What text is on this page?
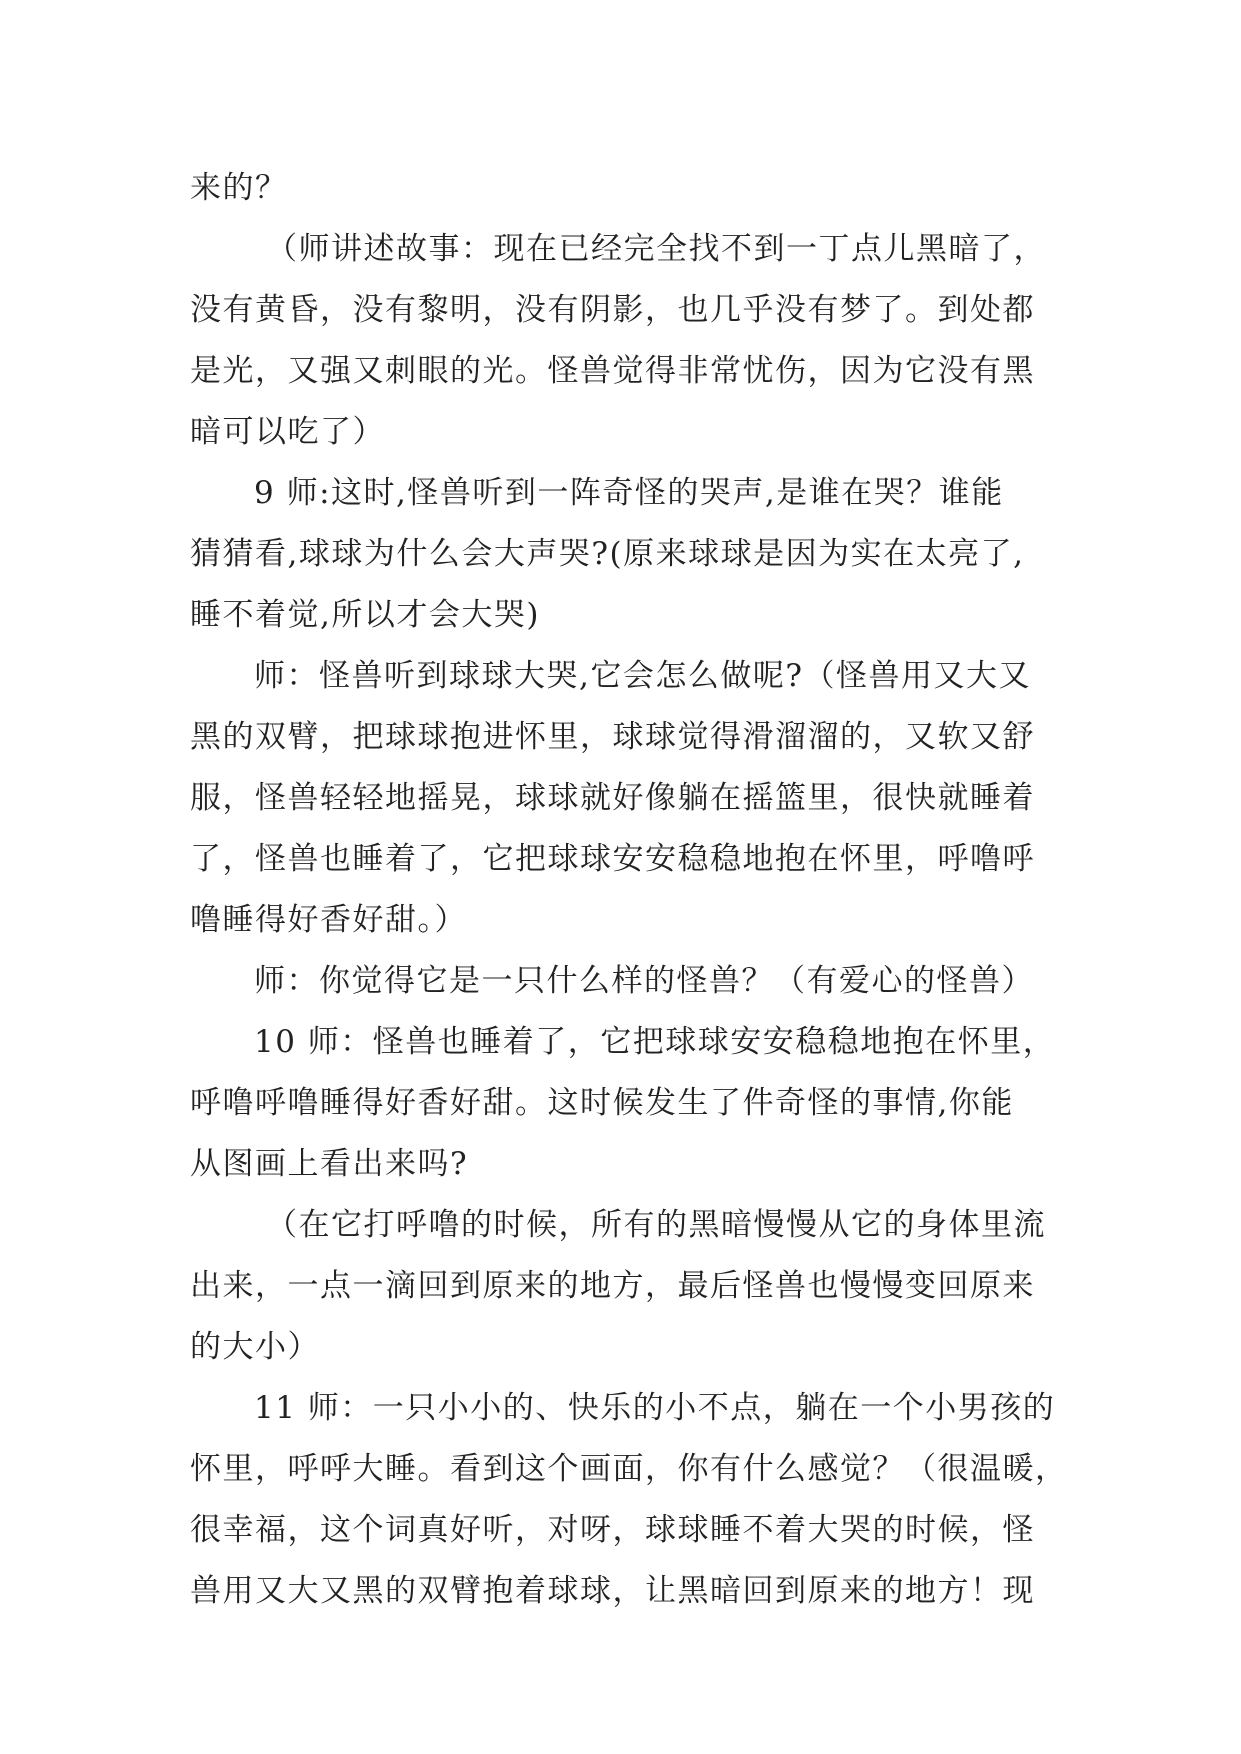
来的？
（师讲述故事：现在已经完全找不到一丁点儿黑暗了，
没有黄昏，没有黎明，没有阴影，也几乎没有梦了。到处都
是光，又强又刺眼的光。怪兽觉得非常忧伤，因为它没有黑
暗可以吃了）
9 师:这时,怪兽听到一阵奇怪的哭声,是谁在哭？谁能
猜猜看,球球为什么会大声哭?(原来球球是因为实在太亮了,
睡不着觉,所以才会大哭)
师：怪兽听到球球大哭,它会怎么做呢?（怪兽用又大又
黑的双臂，把球球抱进怀里，球球觉得滑溜溜的，又软又舒
服，怪兽轻轻地摇晃，球球就好像躺在摇篮里，很快就睡着
了，怪兽也睡着了，它把球球安安稳稳地抱在怀里，呼噜呼
噜睡得好香好甜。）
师：你觉得它是一只什么样的怪兽？（有爱心的怪兽）
10 师：怪兽也睡着了，它把球球安安稳稳地抱在怀里，
呼噜呼噜睡得好香好甜。这时候发生了件奇怪的事情,你能
从图画上看出来吗?
（在它打呼噜的时候，所有的黑暗慢慢从它的身体里流
出来，一点一滴回到原来的地方，最后怪兽也慢慢变回原来
的大小）
11 师：一只小小的、快乐的小不点，躺在一个小男孩的
怀里，呼呼大睡。看到这个画面，你有什么感觉？（很温暖，
很幸福，这个词真好听，对呀，球球睡不着大哭的时候，怪
兽用又大又黑的双臂抱着球球，让黑暗回到原来的地方！现
